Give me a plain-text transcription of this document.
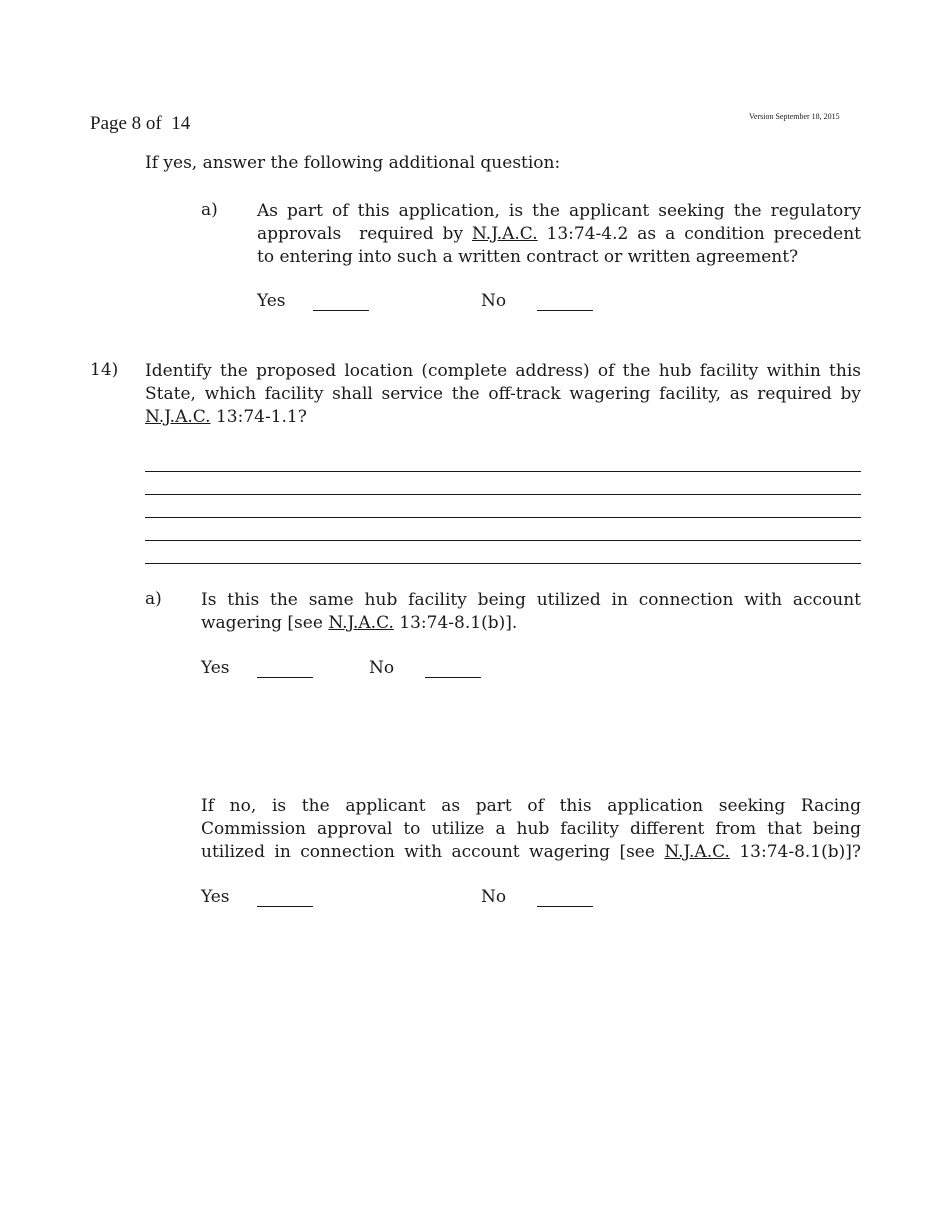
Page 8 of  14	Version September 18, 2015
If yes, answer the following additional question:
a) As part of this application, is the applicant seeking the regulatory
approvals  required by N.J.A.C. 13:74-4.2 as a condition precedent
to entering into such a written contract or written agreement?
Yes	No
14) Identify the proposed location (complete address) of the hub facility within this
State, which facility shall service the off-track wagering facility, as required by
N.J.A.C. 13:74-1.1?
a) Is this the same hub facility being utilized in connection with account
wagering [see N.J.A.C. 13:74-8.1(b)].
Yes	No
If no, is the applicant as part of this application seeking Racing
Commission approval to utilize a hub facility different from that being
utilized in connection with account wagering [see N.J.A.C. 13:74-8.1(b)]?
Yes	No
